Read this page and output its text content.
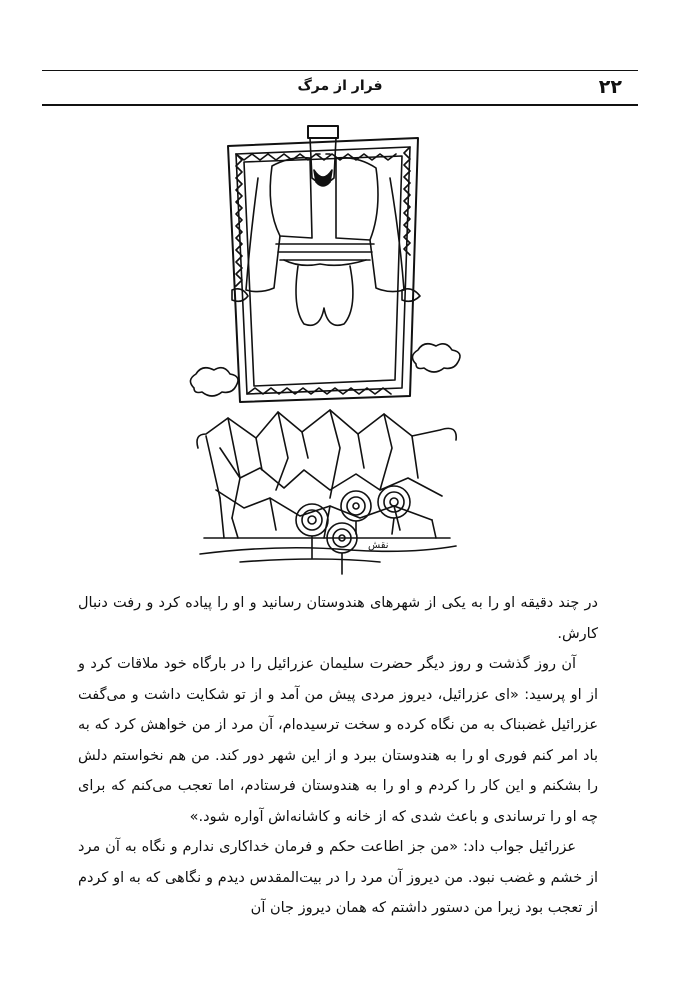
۲۲
فرار از مرگ
ﻧﻘﺶ

در چند دقیقه او را به یکی از شهرهای هندوستان رسانید و او را پیاده کرد و رفت دنبال کارش.

آن روز گذشت و روز دیگر حضرت سلیمان عزرائیل را در بارگاه خود ملاقات کرد و از او پرسید: «ای عزرائیل، دیروز مردی پیش من آمد و از تو شکایت داشت و می‌گفت عزرائیل غضبناک به من نگاه کرده و سخت ترسیده‌ام، آن مرد از من خواهش کرد که به باد امر کنم فوری او را به هندوستان ببرد و از این شهر دور کند. من هم نخواستم دلش را بشکنم و این کار را کردم و او را به هندوستان فرستادم، اما تعجب می‌کنم که برای چه او را ترساندی و باعث شدی که از خانه و کاشانه‌اش آواره شود.»

عزرائیل جواب داد: «من جز اطاعت حکم و فرمان خداکاری ندارم و نگاه به آن مرد از خشم و غضب نبود. من دیروز آن مرد را در بیت‌المقدس دیدم و نگاهی که به او کردم از تعجب بود زیرا من دستور داشتم که همان دیروز جان آن
